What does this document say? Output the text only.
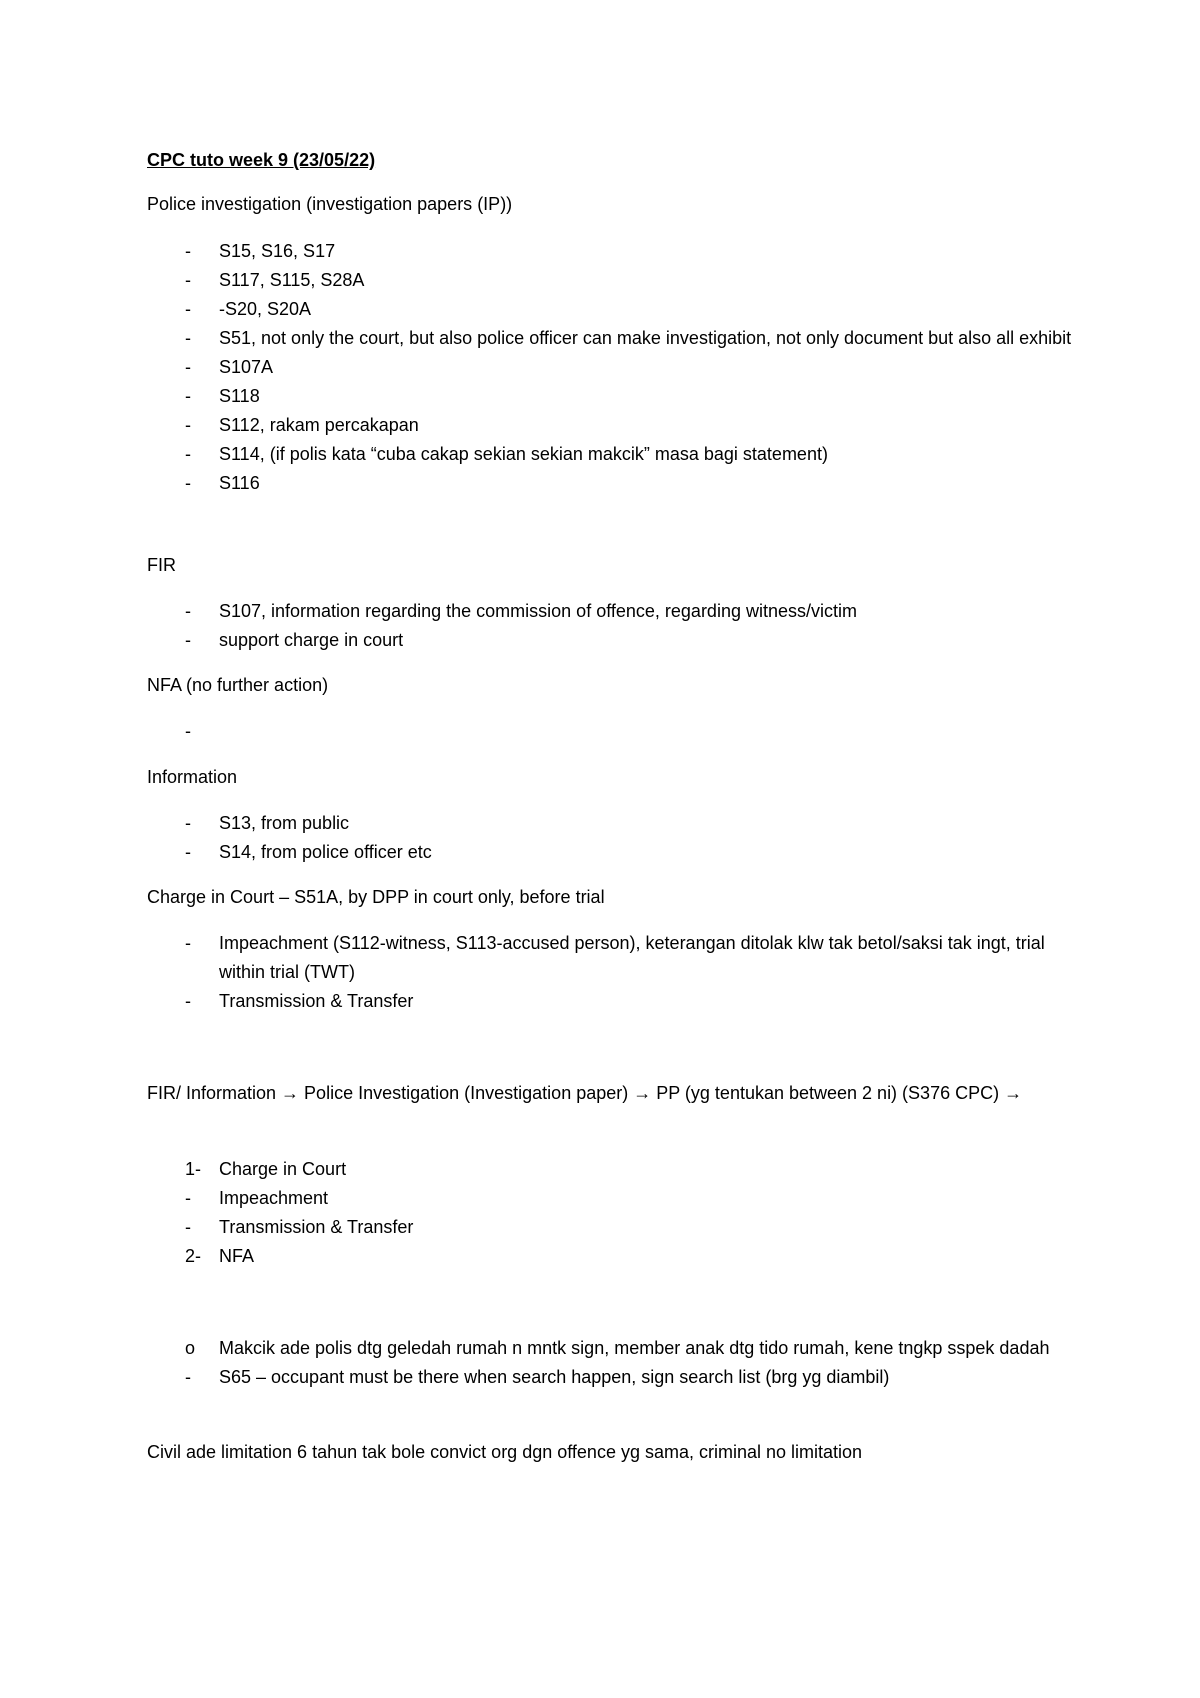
CPC tuto week 9 (23/05/22)

Police investigation (investigation papers (IP))

-	S15, S16, S17
-	S117, S115, S28A
-	-S20, S20A
-	S51, not only the court, but also police officer can make investigation, not only document but also all exhibit
-	S107A
-	S118
-	S112, rakam percakapan
-	S114, (if polis kata “cuba cakap sekian sekian makcik” masa bagi statement)
-	S116

FIR

-	S107, information regarding the commission of offence, regarding witness/victim
-	support charge in court

NFA (no further action)

-

Information

-	S13, from public
-	S14, from police officer etc

Charge in Court – S51A, by DPP in court only, before trial

-	Impeachment (S112-witness, S113-accused person), keterangan ditolak klw tak betol/saksi tak ingt, trial within trial (TWT)
-	Transmission & Transfer

FIR/ Information → Police Investigation (Investigation paper) → PP (yg tentukan between 2 ni) (S376 CPC) →

1- Charge in Court
-	Impeachment
-	Transmission & Transfer
2- NFA
o	Makcik ade polis dtg geledah rumah n mntk sign, member anak dtg tido rumah, kene tngkp sspek dadah
-	S65 – occupant must be there when search happen, sign search list (brg yg diambil)

Civil ade limitation 6 tahun tak bole convict org dgn offence yg sama, criminal no limitation
